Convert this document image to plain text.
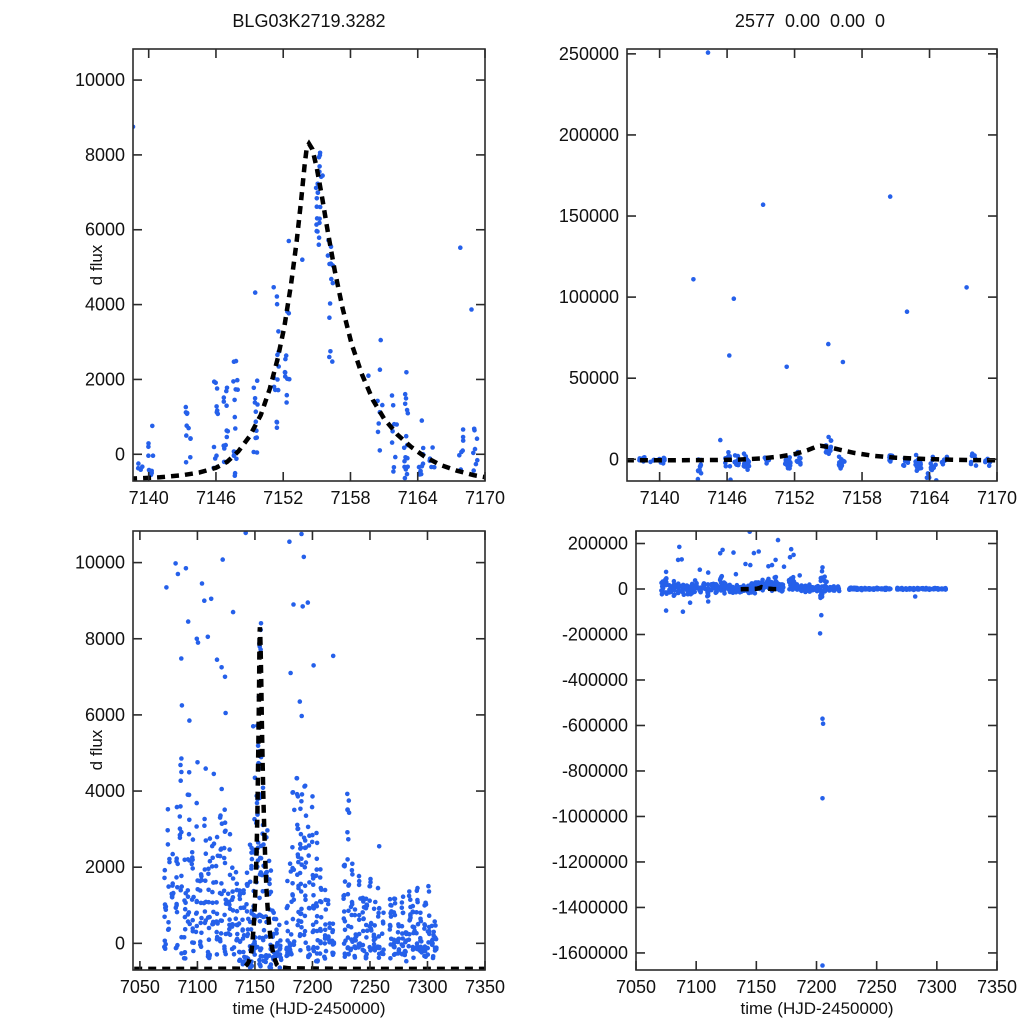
7140 7146 7152 7158 7164 7170
0
2000
4000
6000
8000
10000
7140 7146 7152 7158 7164 7170
0
50000
100000
150000
200000
250000
7050 7100 7150 7200 7250 7300 7350
0
2000
4000
6000
8000
10000
7050 7100 7150 7200 7250 7300 7350
200000
0
-200000
-400000
-600000
-800000
-1000000
-1200000
-1400000
-1600000
BLG03K2719.3282	2577  0.00  0.00  0
d flux
d flux
time (HJD-2450000)	time (HJD-2450000)
